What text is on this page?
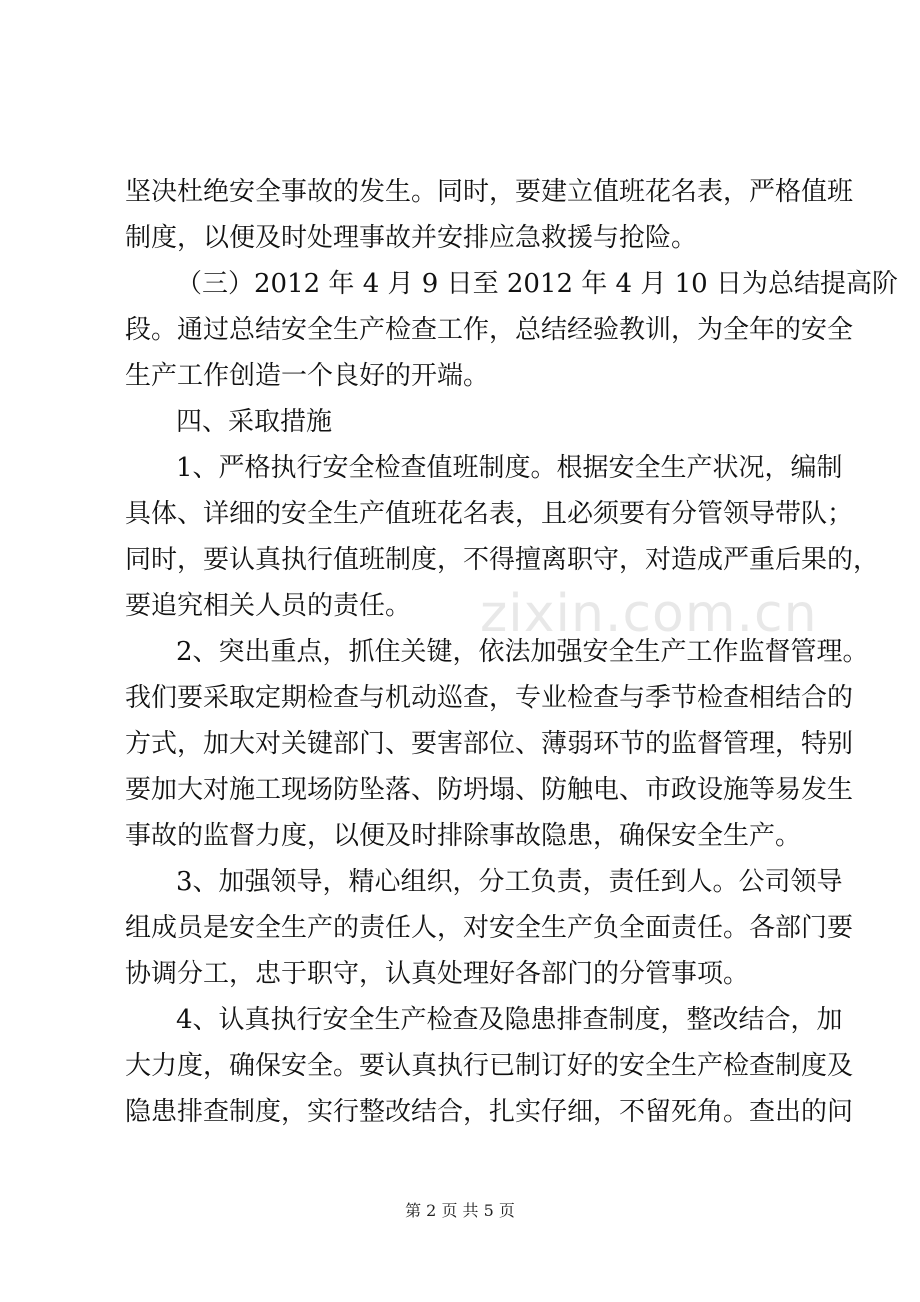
坚决杜绝安全事故的发生。同时，要建立值班花名表，严格值班
制度，以便及时处理事故并安排应急救援与抢险。
（三）2012 年 4 月 9 日至 2012 年 4 月 10 日为总结提高阶
段。通过总结安全生产检查工作，总结经验教训，为全年的安全
生产工作创造一个良好的开端。
四、采取措施
1、严格执行安全检查值班制度。根据安全生产状况，编制
具体、详细的安全生产值班花名表，且必须要有分管领导带队；
同时，要认真执行值班制度，不得擅离职守，对造成严重后果的，
要追究相关人员的责任。
2、突出重点，抓住关键，依法加强安全生产工作监督管理。
我们要采取定期检查与机动巡查，专业检查与季节检查相结合的
方式，加大对关键部门、要害部位、薄弱环节的监督管理，特别
要加大对施工现场防坠落、防坍塌、防触电、市政设施等易发生
事故的监督力度，以便及时排除事故隐患，确保安全生产。
3、加强领导，精心组织，分工负责，责任到人。公司领导
组成员是安全生产的责任人，对安全生产负全面责任。各部门要
协调分工，忠于职守，认真处理好各部门的分管事项。
4、认真执行安全生产检查及隐患排查制度，整改结合，加
大力度，确保安全。要认真执行已制订好的安全生产检查制度及
隐患排查制度，实行整改结合，扎实仔细，不留死角。查出的问
zixin.com.cn
第 2 页 共 5 页
